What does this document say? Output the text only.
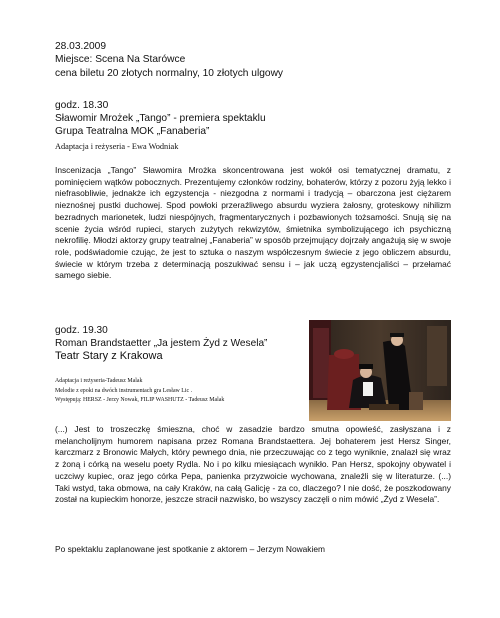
28.03.2009
Miejsce: Scena Na Starówce
cena biletu 20 złotych normalny, 10 złotych ulgowy
godz. 18.30
Sławomir Mrożek „Tango” - premiera spektaklu
Grupa Teatralna MOK „Fanaberia”
Adaptacja i reżyseria - Ewa Wodniak
Inscenizacja „Tango” Sławomira Mrożka skoncentrowana jest wokół osi tematycznej dramatu, z pominięciem wątków pobocznych. Prezentujemy członków rodziny, bohaterów, którzy z pozoru żyją lekko i niefrasobliwie, jednakże ich egzystencja - niezgodna z normami i tradycją – obarczona jest ciężarem nieznośnej pustki duchowej. Spod powłoki przeraźliwego absurdu wyziera żałosny, groteskowy nihilizm bezradnych marionetek, ludzi niespójnych, fragmentarycznych i pozbawionych tożsamości. Snują się na scenie życia wśród rupieci, starych zużytych rekwizytów, śmietnika symbolizującego ich psychiczną nekrofilię. Młodzi aktorzy grupy teatralnej „Fanaberia” w sposób przejmujący dojrzały angażują się w swoje role, podświadomie czując, że jest to sztuka o naszym współczesnym świecie z jego obliczem absurdu, świecie w którym trzeba z determinacją poszukiwać sensu i – jak uczą egzystencjaliści – przełamać samego siebie.
godz. 19.30
Roman Brandstaetter „Ja jestem Żyd z Wesela”
Teatr Stary z Krakowa
Adaptacja i reżyseria-Tadeusz Malak
Melodie z epoki na dwóch instrumentach gra Lesław Lic .
Występują: HERSZ - Jerzy Nowak, FILIP WASHUTZ - Tadeusz Malak
(...) Jest to troszeczkę śmieszna, choć w zasadzie bardzo smutna opowieść, zasłyszana i z melancholijnym humorem napisana przez Romana Brandstaettera. Jej bohaterem jest Hersz Singer, karczmarz z Bronowic Małych, który pewnego dnia, nie przeczuwając co z tego wyniknie, znalazł się wraz z żoną i córką na weselu poety Rydla. No i po kilku miesiącach wynikło. Pan Hersz, spokojny obywatel i uczciwy kupiec, oraz jego córka Pepa, panienka przyzwoicie wychowana, znaleźli się w literaturze. (...) Taki wstyd, taka obmowa, na cały Kraków, na całą Galicję - za co, dlaczego? I nie dość, że poszkodowany został na kupieckim honorze, jeszcze stracił nazwisko, bo wszyscy zaczęli o nim mówić „Żyd z Wesela”.
Po spektaklu zaplanowane jest spotkanie z aktorem – Jerzym Nowakiem
